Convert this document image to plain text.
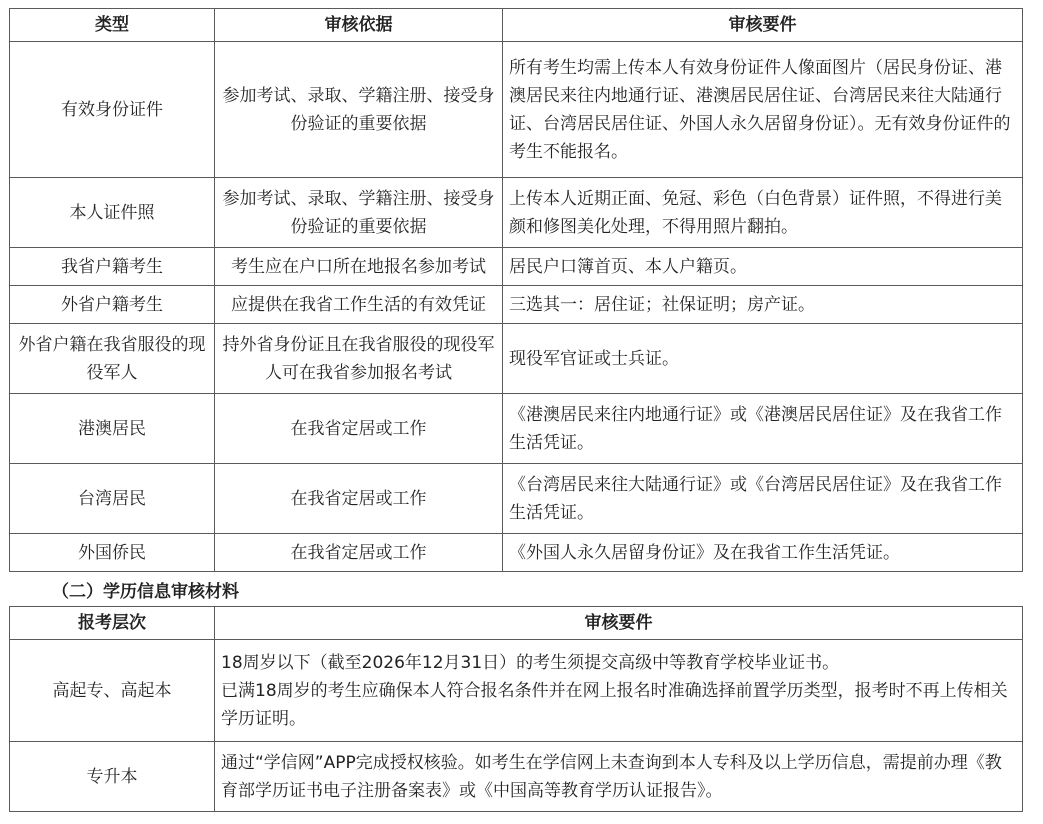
类型	审核依据	审核要件
有效身份证件	参加考试、录取、学籍注册、接受身份验证的重要依据	所有考生均需上传本人有效身份证件人像面图片（居民身份证、港澳居民来往内地通行证、港澳居民居住证、台湾居民来往大陆通行证、台湾居民居住证、外国人永久居留身份证）。无有效身份证件的考生不能报名。
本人证件照	参加考试、录取、学籍注册、接受身份验证的重要依据	上传本人近期正面、免冠、彩色（白色背景）证件照，不得进行美颜和修图美化处理，不得用照片翻拍。
我省户籍考生	考生应在户口所在地报名参加考试	居民户口簿首页、本人户籍页。
外省户籍考生	应提供在我省工作生活的有效凭证	三选其一：居住证；社保证明；房产证。
外省户籍在我省服役的现役军人	持外省身份证且在我省服役的现役军人可在我省参加报名考试	现役军官证或士兵证。
港澳居民	在我省定居或工作	《港澳居民来往内地通行证》或《港澳居民居住证》及在我省工作生活凭证。
台湾居民	在我省定居或工作	《台湾居民来往大陆通行证》或《台湾居民居住证》及在我省工作生活凭证。
外国侨民	在我省定居或工作	《外国人永久居留身份证》及在我省工作生活凭证。
（二）学历信息审核材料
报考层次	审核要件
高起专、高起本	18周岁以下（截至2026年12月31日）的考生须提交高级中等教育学校毕业证书。
已满18周岁的考生应确保本人符合报名条件并在网上报名时准确选择前置学历类型，报考时不再上传相关学历证明。

专升本	通过“学信网”APP完成授权核验。如考生在学信网上未查询到本人专科及以上学历信息，需提前办理《教育部学历证书电子注册备案表》或《中国高等教育学历认证报告》。
